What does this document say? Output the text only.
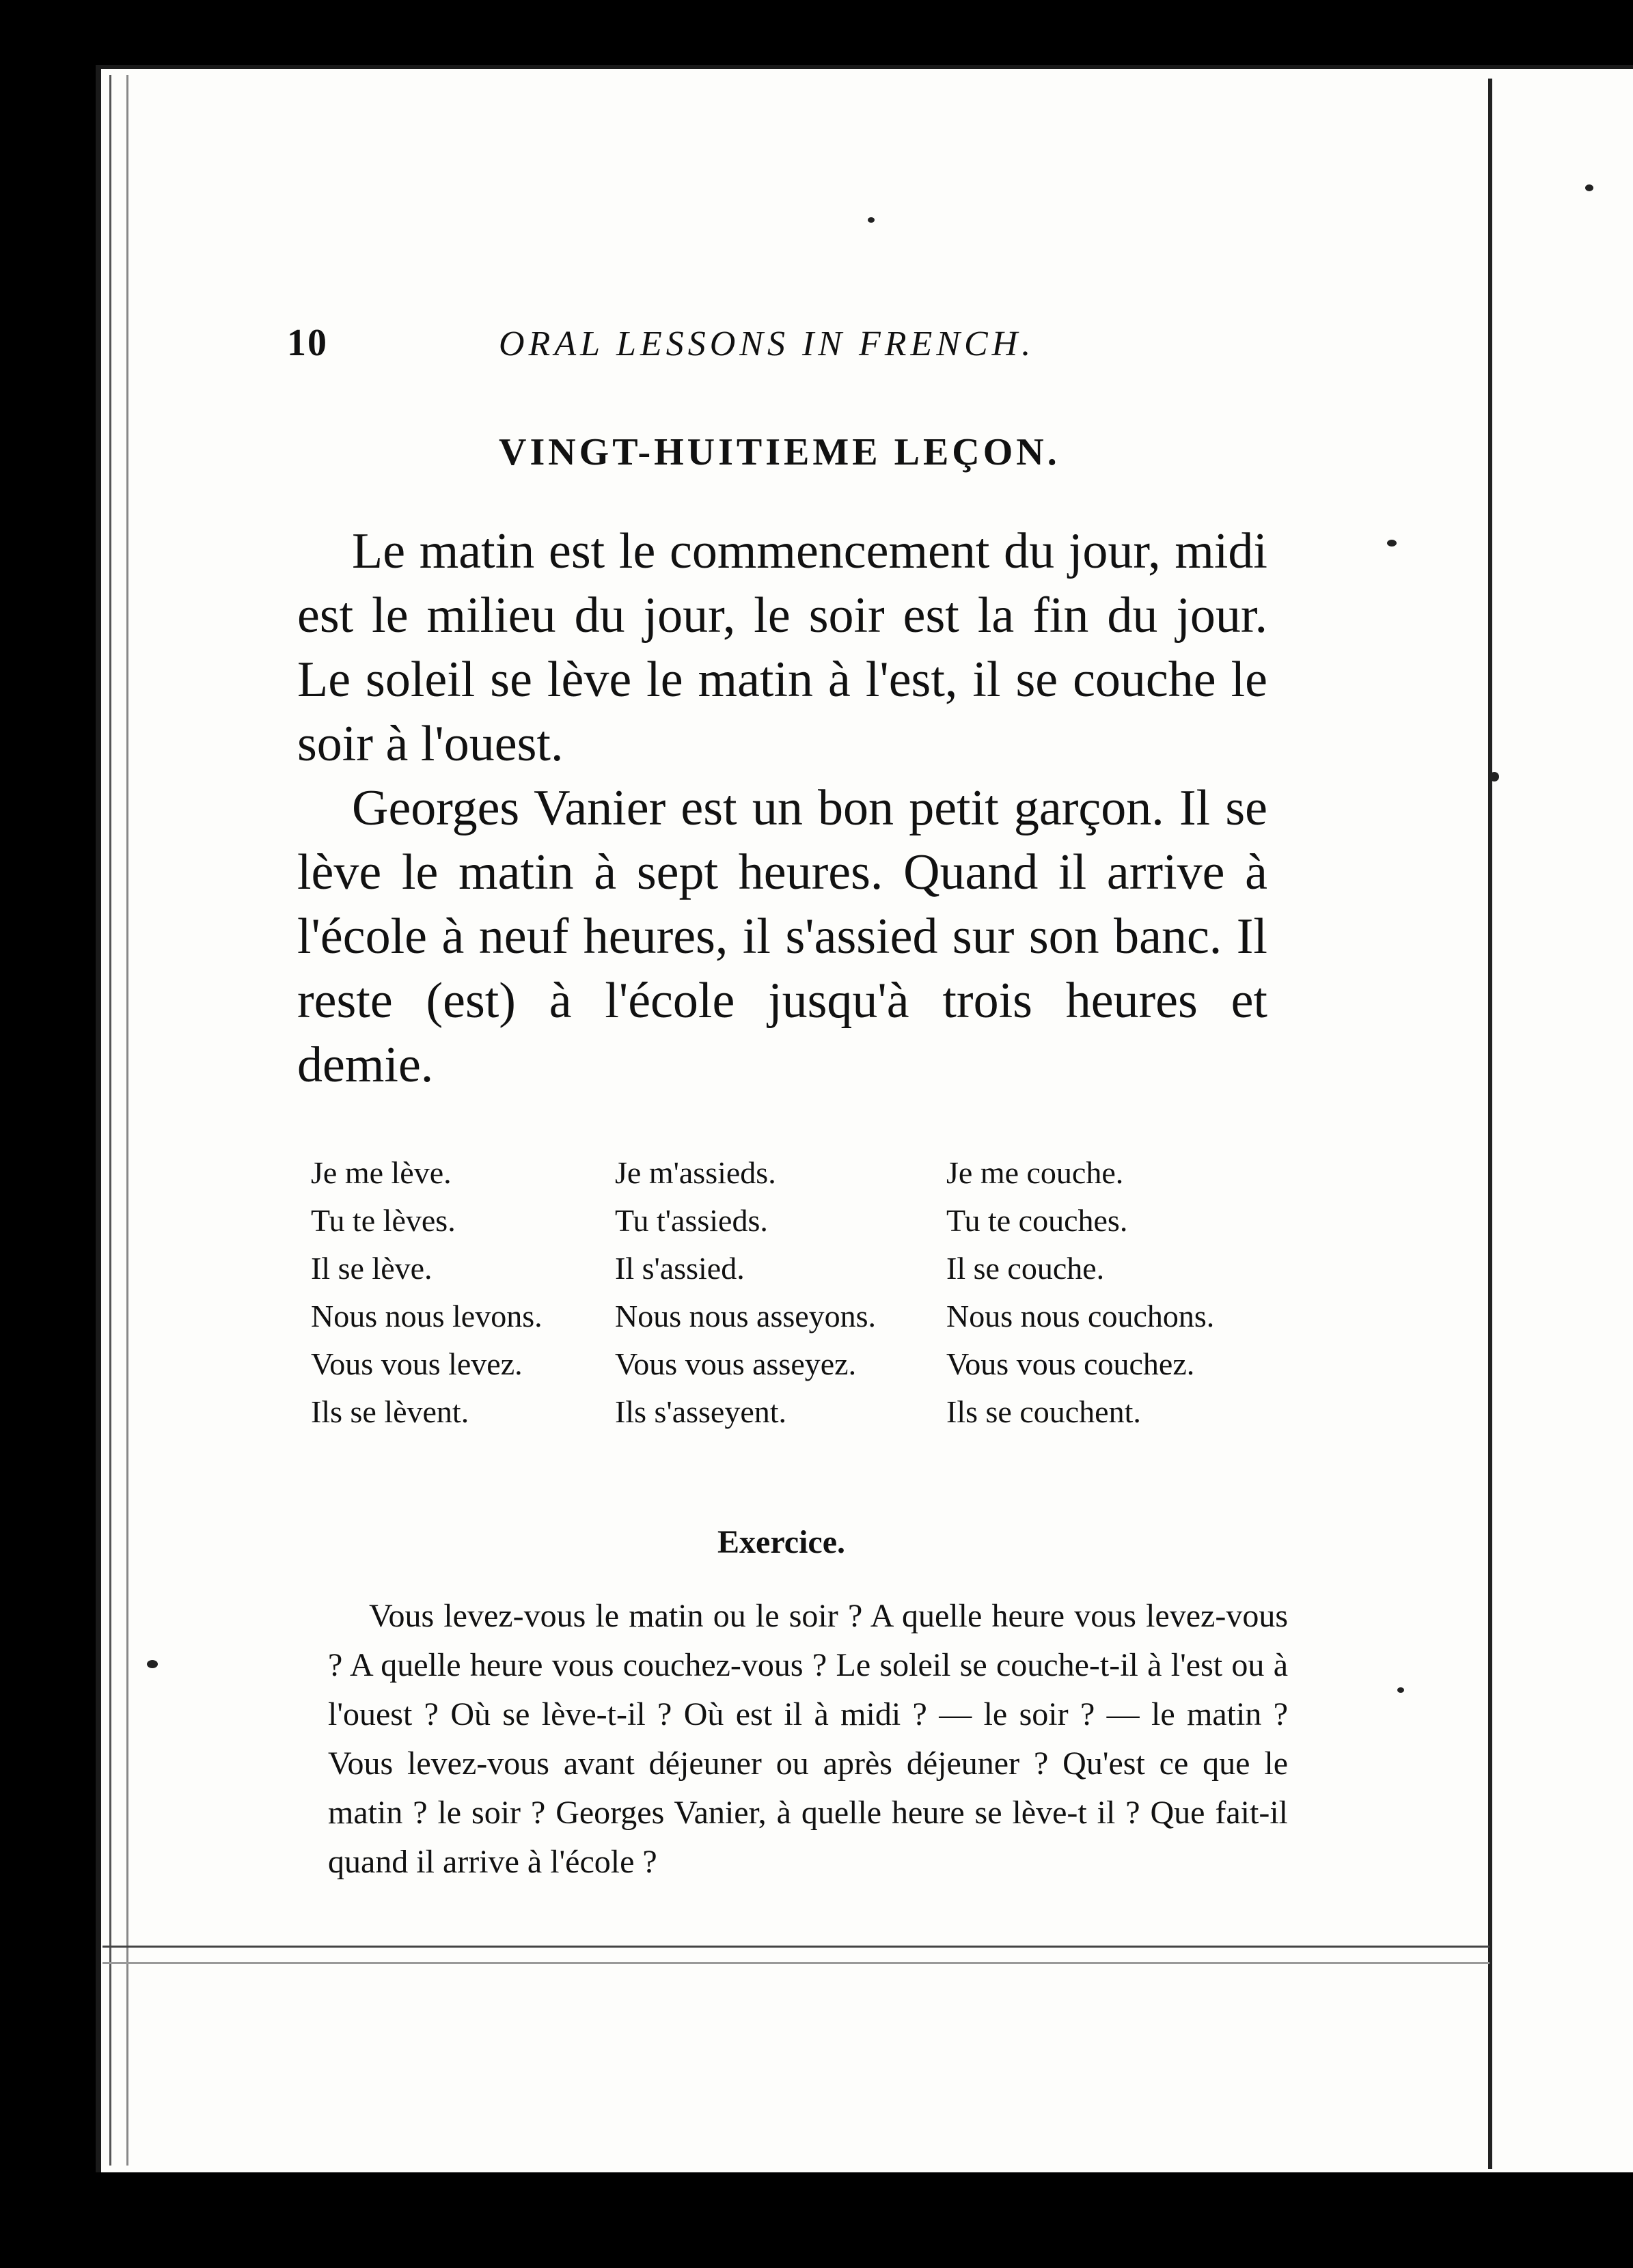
10	ORAL LESSONS IN FRENCH.
VINGT-HUITIEME LEÇON.

Le matin est le commencement du jour, midi est le milieu du jour, le soir est la fin du jour. Le soleil se lève le matin à l'est, il se couche le soir à l'ouest.

Georges Vanier est un bon petit garçon. Il se lève le matin à sept heures. Quand il arrive à l'école à neuf heures, il s'assied sur son banc. Il reste (est) à l'école jusqu'à trois heures et demie.

Je me lève.	Je m'assieds.	Je me couche.
Tu te lèves.	Tu t'assieds.	Tu te couches.
Il se lève.	Il s'assied.	Il se couche.
Nous nous levons.	Nous nous asseyons.	Nous nous couchons.
Vous vous levez.	Vous vous asseyez.	Vous vous couchez.
Ils se lèvent.	Ils s'asseyent.	Ils se couchent.
Exercice.

Vous levez-vous le matin ou le soir ? A quelle heure vous levez-vous ? A quelle heure vous couchez-vous ? Le soleil se couche-t-il à l'est ou à l'ouest ? Où se lève-t-il ? Où est il à midi ? — le soir ? — le matin ? Vous levez-vous avant déjeuner ou après déjeuner ? Qu'est ce que le matin ? le soir ? Georges Vanier, à quelle heure se lève-t il ? Que fait-il quand il arrive à l'école ?
